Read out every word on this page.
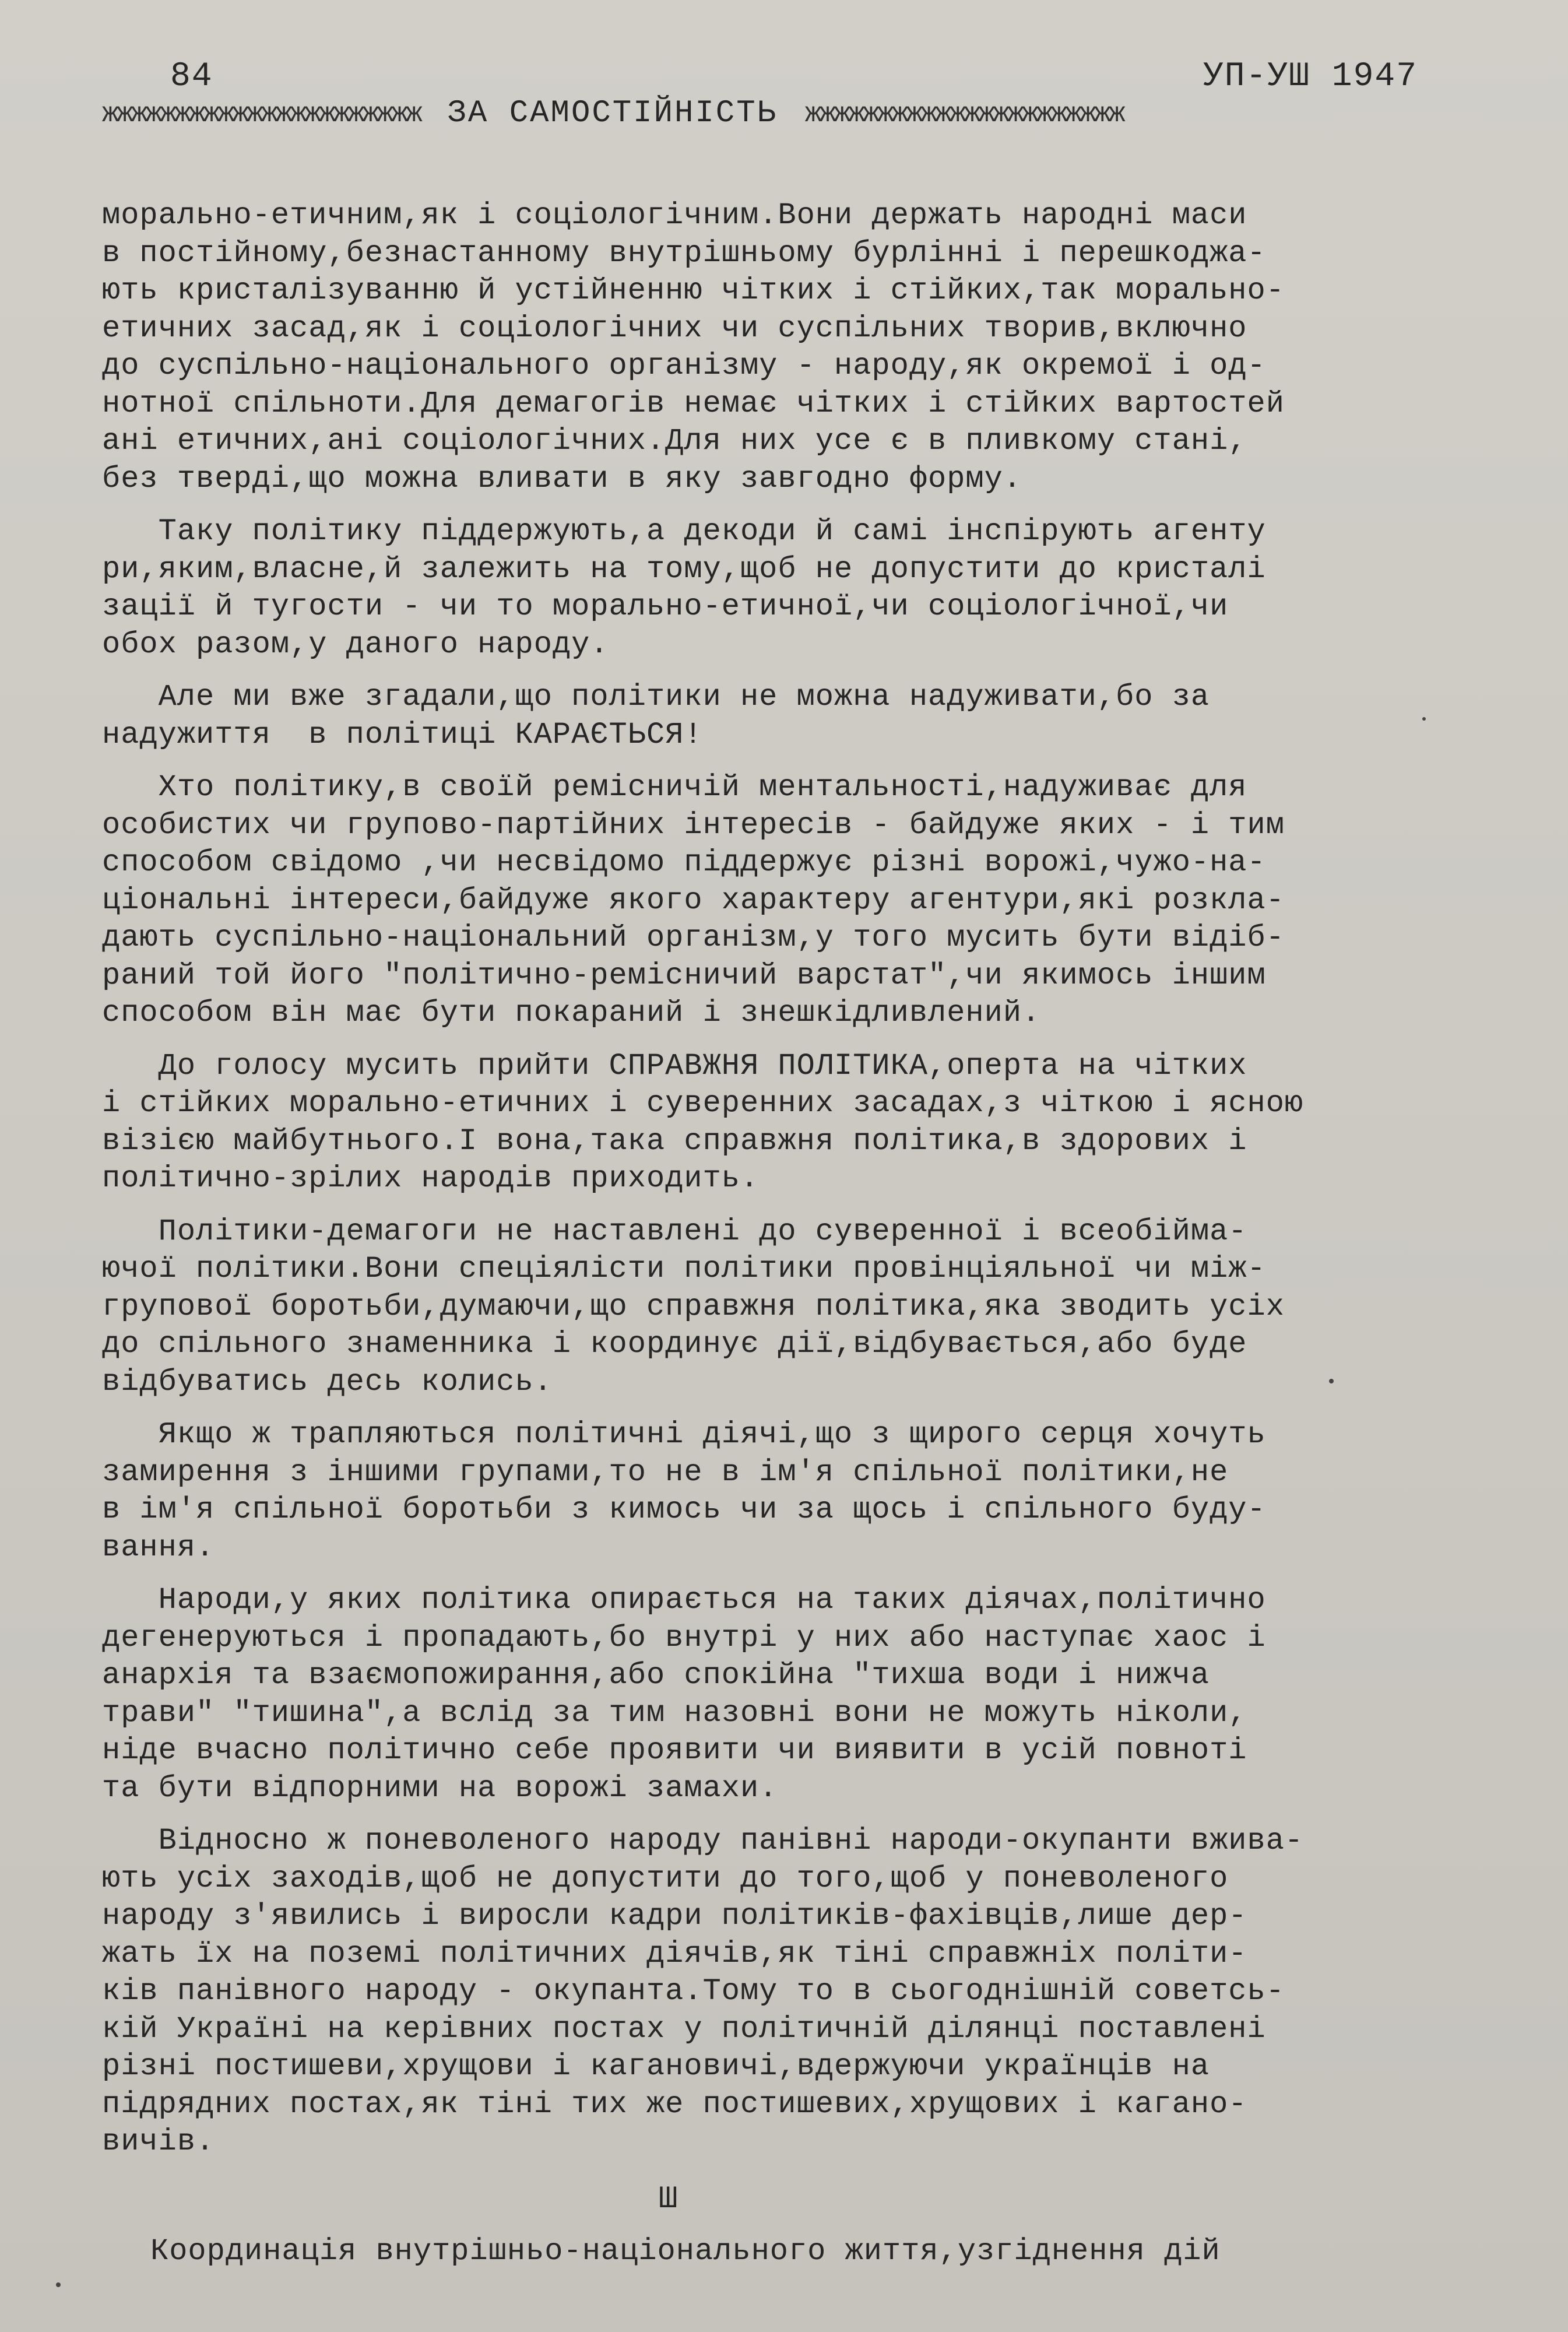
84	УП-УШ 1947
жжжжжжжжжжжжжжжжжжжжжж ЗА САМОСТІЙНІСТЬ жжжжжжжжжжжжжжжжжжжжжж
морально-етичним,як і соціологічним.Вони держать народні маси
в постійному,безнастанному внутрішньому бурлінні і перешкоджа-
ють кристалізуванню й устійненню чітких і стійких,так морально-
етичних засад,як і соціологічних чи суспільних творив,включно
до суспільно-національного організму - народу,як окремої і од-
нотної спільноти.Для демагогів немає чітких і стійких вартостей
ані етичних,ані соціологічних.Для них усе є в пливкому стані,
без тверді,що можна вливати в яку завгодно форму.
Таку політику піддержують,а декоди й самі інспірують агенту
ри,яким,власне,й залежить на тому,щоб не допустити до кристалі
зації й тугости - чи то морально-етичної,чи соціологічної,чи
обох разом,у даного народу.
Але ми вже згадали,що політики не можна надуживати,бо за
надужиття  в політиці КАРАЄТЬСЯ!
Хто політику,в своїй ремісничій ментальності,надуживає для
особистих чи групово-партійних інтересів - байдуже яких - і тим
способом свідомо ,чи несвідомо піддержує різні ворожі,чужо-на-
ціональні інтереси,байдуже якого характеру агентури,які розкла-
дають суспільно-національний організм,у того мусить бути відіб-
раний той його "політично-ремісничий варстат",чи якимось іншим
способом він має бути покараний і знешкідливлений.
До голосу мусить прийти СПРАВЖНЯ ПОЛІТИКА,оперта на чітких
і стійких морально-етичних і суверенних засадах,з чіткою і ясною
візією майбутнього.І вона,така справжня політика,в здорових і
політично-зрілих народів приходить.
Політики-демагоги не наставлені до суверенної і всеобійма-
ючої політики.Вони спеціялісти політики провінціяльної чи між-
групової боротьби,думаючи,що справжня політика,яка зводить усіх
до спільного знаменника і координує дії,відбувається,або буде
відбуватись десь колись.
Якщо ж трапляються політичні діячі,що з щирого серця хочуть
замирення з іншими групами,то не в ім'я спільної політики,не
в ім'я спільної боротьби з кимось чи за щось і спільного буду-
вання.
Народи,у яких політика опирається на таких діячах,політично
дегенеруються і пропадають,бо внутрі у них або наступає хаос і
анархія та взаємопожирання,або спокійна "тихша води і нижча
трави" "тишина",а вслід за тим назовні вони не можуть ніколи,
ніде вчасно політично себе проявити чи виявити в усій повноті
та бути відпорними на ворожі замахи.
Відносно ж поневоленого народу панівні народи-окупанти вжива-
ють усіх заходів,щоб не допустити до того,щоб у поневоленого
народу з'явились і виросли кадри політиків-фахівців,лише дер-
жать їх на поземі політичних діячів,як тіні справжніх політи-
ків панівного народу - окупанта.Тому то в сьогоднішній советсь-
кій Україні на керівних постах у політичній ділянці поставлені
різні постишеви,хрущови і кагановичі,вдержуючи українців на
підрядних постах,як тіні тих же постишевих,хрущових і кагано-
вичів.
Ш
Координація внутрішньо-національного життя,узгіднення дій
